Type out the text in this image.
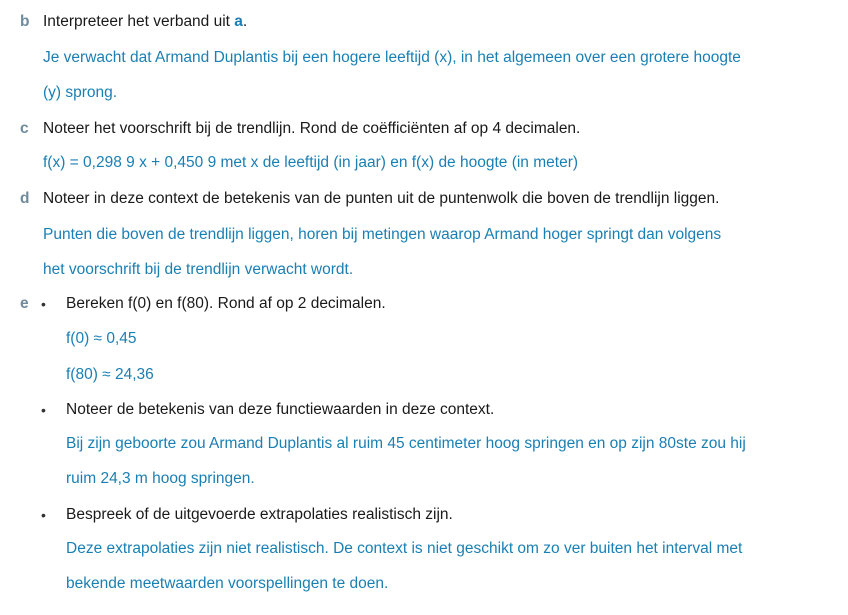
b Interpreteer het verband uit a.
Je verwacht dat Armand Duplantis bij een hogere leeftijd (x), in het algemeen over een grotere hoogte
(y) sprong.
c Noteer het voorschrift bij de trendlijn. Rond de coëfficiënten af op 4 decimalen.
f(x) = 0,298 9 x + 0,450 9 met x de leeftijd (in jaar) en f(x) de hoogte (in meter)
d Noteer in deze context de betekenis van de punten uit de puntenwolk die boven de trendlijn liggen.
Punten die boven de trendlijn liggen, horen bij metingen waarop Armand hoger springt dan volgens
het voorschrift bij de trendlijn verwacht wordt.
e • Bereken f(0) en f(80). Rond af op 2 decimalen.
f(0) ≈ 0,45
f(80) ≈ 24,36
• Noteer de betekenis van deze functiewaarden in deze context.
Bij zijn geboorte zou Armand Duplantis al ruim 45 centimeter hoog springen en op zijn 80ste zou hij
ruim 24,3 m hoog springen.
• Bespreek of de uitgevoerde extrapolaties realistisch zijn.
Deze extrapolaties zijn niet realistisch. De context is niet geschikt om zo ver buiten het interval met
bekende meetwaarden voorspellingen te doen.
